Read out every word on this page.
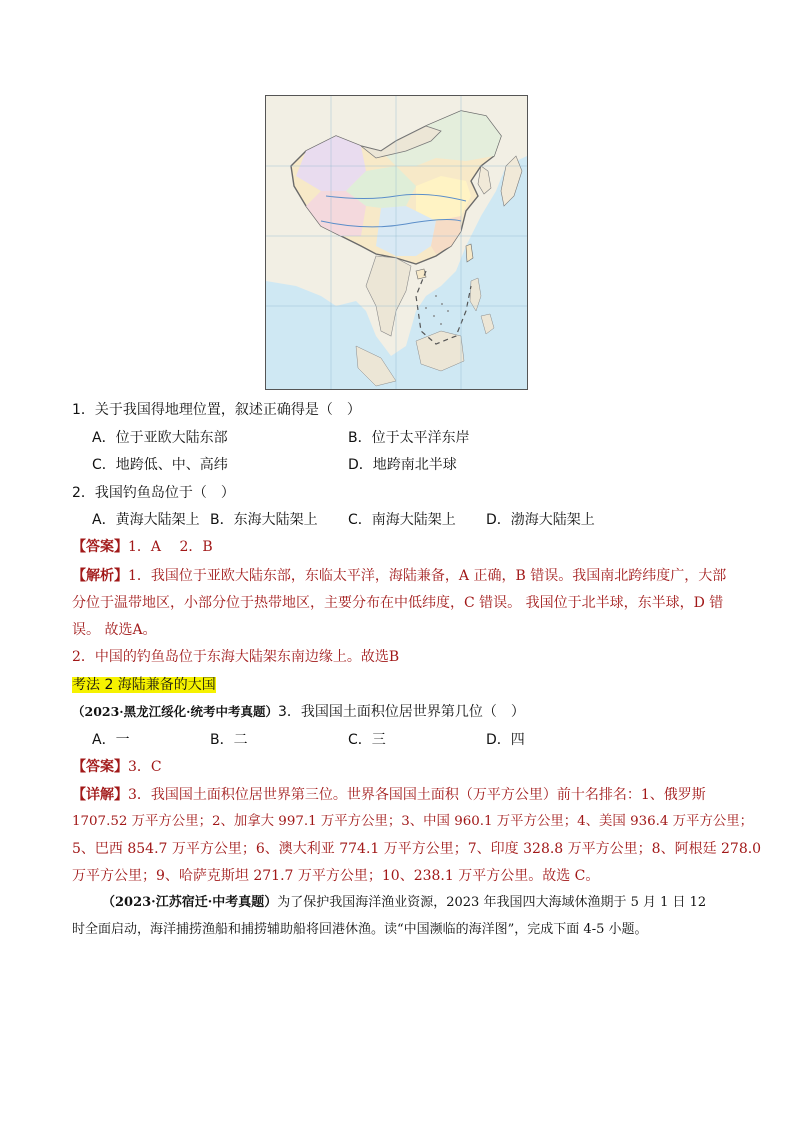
1．关于我国得地理位置，叙述正确得是（　）
A．位于亚欧大陆东部	B．位于太平洋东岸
C．地跨低、中、高纬	D．地跨南北半球
2．我国钓鱼岛位于（　）
A．黄海大陆架上 B．东海大陆架上 C．南海大陆架上 D．渤海大陆架上
【答案】1．A　 2．B
【解析】1．我国位于亚欧大陆东部，东临太平洋，海陆兼备，A 正确，B 错误。我国南北跨纬度广，大部
分位于温带地区，小部分位于热带地区，主要分布在中低纬度，C 错误。 我国位于北半球，东半球，D 错
误。 故选A。
2．中国的钓鱼岛位于东海大陆架东南边缘上。故选B
考法 2 海陆兼备的大国
（2023·黑龙江绥化·统考中考真题）3．我国国土面积位居世界第几位（　）
A．一	B．二	C．三	D．四
【答案】3．C
【详解】3．我国国土面积位居世界第三位。世界各国国土面积（万平方公里）前十名排名：1、俄罗斯
1707.52 万平方公里；2、加拿大 997.1 万平方公里；3、中国 960.1 万平方公里；4、美国 936.4 万平方公里；
5、巴西 854.7 万平方公里；6、澳大利亚 774.1 万平方公里；7、印度 328.8 万平方公里；8、阿根廷 278.0
万平方公里；9、哈萨克斯坦 271.7 万平方公里；10、238.1 万平方公里。故选 C。
（2023·江苏宿迁·中考真题）为了保护我国海洋渔业资源，2023 年我国四大海域休渔期于 5 月 1 日 12
时全面启动，海洋捕捞渔船和捕捞辅助船将回港休渔。读“中国濒临的海洋图”，完成下面 4-5 小题。
